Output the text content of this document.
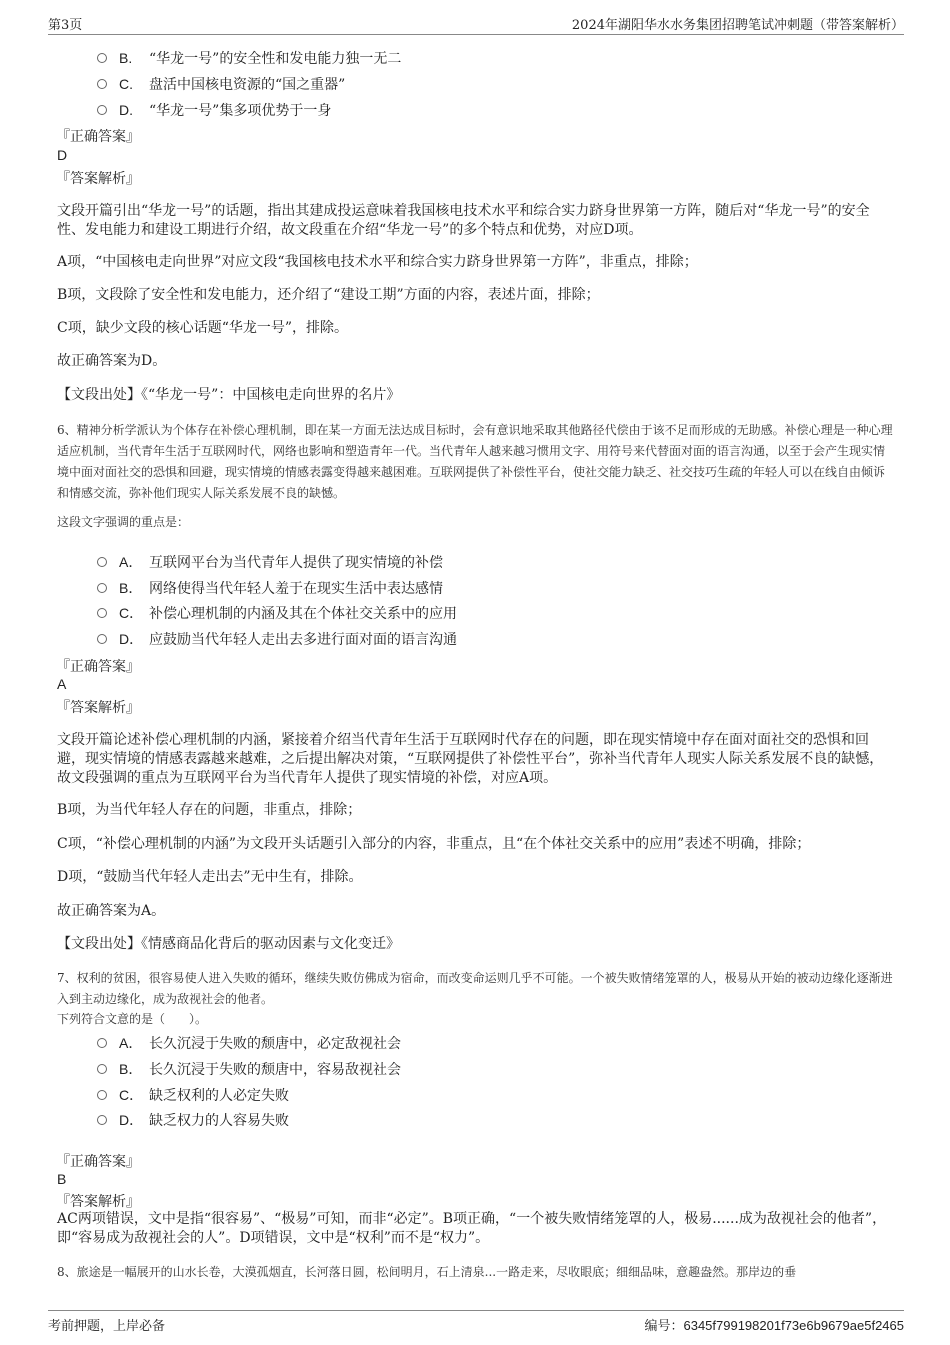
第3页	2024年湖阳华水水务集团招聘笔试冲刺题（带答案解析）
B. “华龙一号”的安全性和发电能力独一无二
C. 盘活中国核电资源的“国之重器”
D. “华龙一号”集多项优势于一身
『正确答案』
D
『答案解析』
文段开篇引出“华龙一号”的话题，指出其建成投运意味着我国核电技术水平和综合实力跻身世界第一方阵，随后对“华龙一号”的安全性、发电能力和建设工期进行介绍，故文段重在介绍“华龙一号”的多个特点和优势，对应D项。
A项，“中国核电走向世界”对应文段“我国核电技术水平和综合实力跻身世界第一方阵”，非重点，排除；
B项，文段除了安全性和发电能力，还介绍了“建设工期”方面的内容，表述片面，排除；
C项，缺少文段的核心话题“华龙一号”，排除。
故正确答案为D。
【文段出处】《“华龙一号”：中国核电走向世界的名片》
6、精神分析学派认为个体存在补偿心理机制，即在某一方面无法达成目标时，会有意识地采取其他路径代偿由于该不足而形成的无助感。补偿心理是一种心理适应机制，当代青年生活于互联网时代，网络也影响和塑造青年一代。当代青年人越来越习惯用文字、用符号来代替面对面的语言沟通，以至于会产生现实情境中面对面社交的恐惧和回避，现实情境的情感表露变得越来越困难。互联网提供了补偿性平台，使社交能力缺乏、社交技巧生疏的年轻人可以在线自由倾诉和情感交流，弥补他们现实人际关系发展不良的缺憾。
这段文字强调的重点是：
A． 互联网平台为当代青年人提供了现实情境的补偿
B． 网络使得当代年轻人羞于在现实生活中表达感情
C． 补偿心理机制的内涵及其在个体社交关系中的应用
D． 应鼓励当代年轻人走出去多进行面对面的语言沟通
『正确答案』
A
『答案解析』
文段开篇论述补偿心理机制的内涵，紧接着介绍当代青年生活于互联网时代存在的问题，即在现实情境中存在面对面社交的恐惧和回避，现实情境的情感表露越来越难，之后提出解决对策，“互联网提供了补偿性平台”，弥补当代青年人现实人际关系发展不良的缺憾，故文段强调的重点为互联网平台为当代青年人提供了现实情境的补偿，对应A项。
B项，为当代年轻人存在的问题，非重点，排除；
C项，“补偿心理机制的内涵”为文段开头话题引入部分的内容，非重点，且“在个体社交关系中的应用”表述不明确，排除；
D项，“鼓励当代年轻人走出去”无中生有，排除。
故正确答案为A。
【文段出处】《情感商品化背后的驱动因素与文化变迁》
7、权利的贫困，很容易使人进入失败的循环，继续失败仿佛成为宿命，而改变命运则几乎不可能。一个被失败情绪笼罩的人，极易从开始的被动边缘化逐渐进入到主动边缘化，成为敌视社会的他者。
下列符合文意的是（　　）。
A． 长久沉浸于失败的颓唐中，必定敌视社会
B． 长久沉浸于失败的颓唐中，容易敌视社会
C． 缺乏权利的人必定失败
D． 缺乏权力的人容易失败
『正确答案』
B
『答案解析』
AC两项错误，文中是指“很容易”、“极易”可知，而非“必定”。B项正确，“一个被失败情绪笼罩的人，极易......成为敌视社会的他者”，即“容易成为敌视社会的人”。D项错误，文中是“权利”而不是“权力”。
8、旅途是一幅展开的山水长卷，大漠孤烟直，长河落日圆，松间明月，石上清泉...一路走来，尽收眼底；细细品味，意趣盎然。那岸边的垂
考前押题，上岸必备	编号：6345f799198201f73e6b9679ae5f2465
